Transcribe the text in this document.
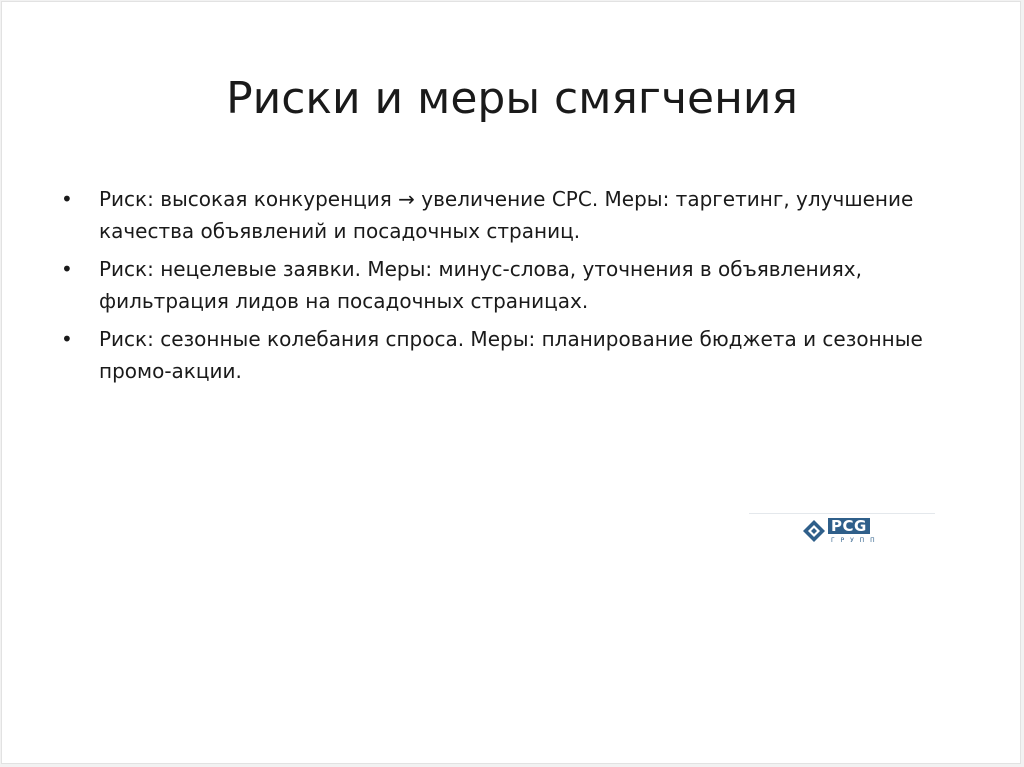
Риски и меры смягчения
•	Риск: высокая конкуренция → увеличение CPC. Меры: таргетинг, улучшение качества объявлений и посадочных страниц.
•	Риск: нецелевые заявки. Меры: минус-слова, уточнения в объявлениях, фильтрация лидов на посадочных страницах.
•	Риск: сезонные колебания спроса. Меры: планирование бюджета и сезонные промо-акции.
PCG
Г Р У П П
